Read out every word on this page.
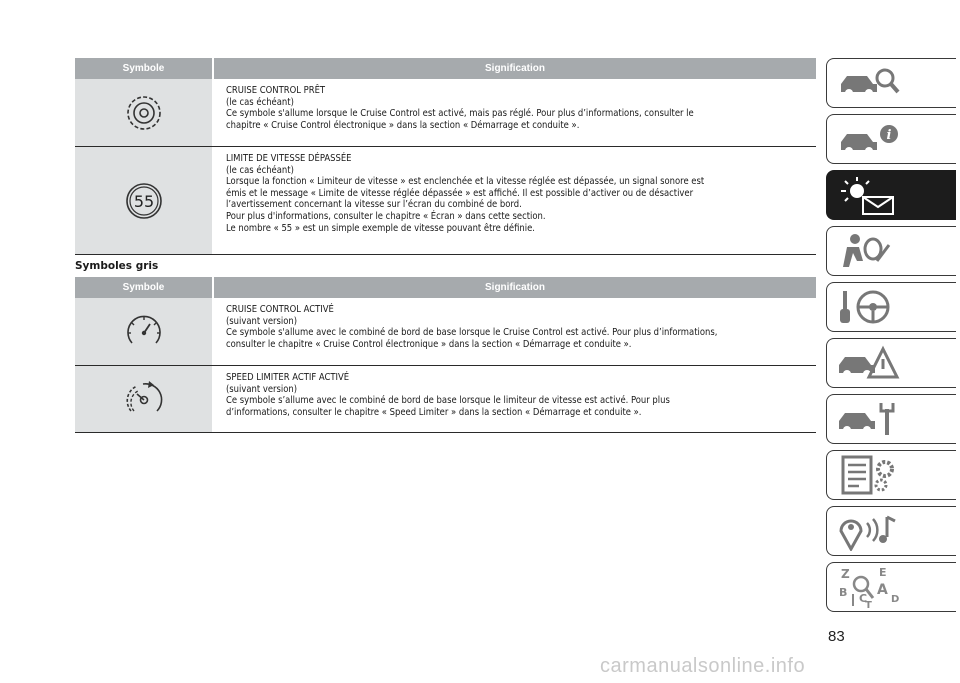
Symbole	Signification
CRUISE CONTROL PRÊT
(le cas échéant)
Ce symbole s'allume lorsque le Cruise Control est activé, mais pas réglé. Pour plus d’informations, consulter le
chapitre « Cruise Control électronique » dans la section « Démarrage et conduite ».
55
LIMITE DE VITESSE DÉPASSÉE
(le cas échéant)
Lorsque la fonction « Limiteur de vitesse » est enclenchée et la vitesse réglée est dépassée, un signal sonore est
émis et le message « Limite de vitesse réglée dépassée » est affiché. Il est possible d’activer ou de désactiver
l’avertissement concernant la vitesse sur l’écran du combiné de bord.
Pour plus d'informations, consulter le chapitre « Écran » dans cette section.
Le nombre « 55 » est un simple exemple de vitesse pouvant être définie.
Symboles gris
Symbole	Signification
CRUISE CONTROL ACTIVÉ
(suivant version)
Ce symbole s'allume avec le combiné de bord de base lorsque le Cruise Control est activé. Pour plus d’informations,
consulter le chapitre « Cruise Control électronique » dans la section « Démarrage et conduite ».
SPEED LIMITER ACTIF ACTIVÉ
(suivant version)
Ce symbole s’allume avec le combiné de bord de base lorsque le limiteur de vitesse est activé. Pour plus
d’informations, consulter le chapitre « Speed Limiter » dans la section « Démarrage et conduite ».
i
Z	E
B A
D
C
T
83
carmanualsonline.info
